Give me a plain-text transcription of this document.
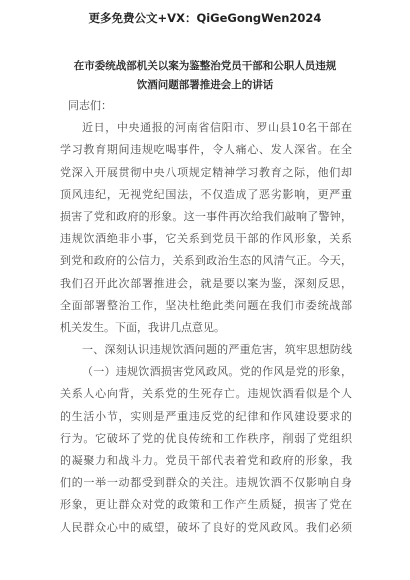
更多免费公文+VX：QiGeGongWen2024
在市委统战部机关以案为鉴整治党员干部和公职人员违规
饮酒问题部署推进会上的讲话
同志们：
近日，中央通报的河南省信阳市、罗山县10名干部在
学习教育期间违规吃喝事件，令人痛心、发人深省。在全
党深入开展贯彻中央八项规定精神学习教育之际，他们却
顶风违纪，无视党纪国法，不仅造成了恶劣影响，更严重
损害了党和政府的形象。这一事件再次给我们敲响了警钟，
违规饮酒绝非小事，它关系到党员干部的作风形象，关系
到党和政府的公信力，关系到政治生态的风清气正。今天，
我们召开此次部署推进会，就是要以案为鉴，深刻反思，
全面部署整治工作，坚决杜绝此类问题在我们市委统战部
机关发生。下面，我讲几点意见。
一、深刻认识违规饮酒问题的严重危害，筑牢思想防线
（一）违规饮酒损害党风政风。党的作风是党的形象，
关系人心向背，关系党的生死存亡。违规饮酒看似是个人
的生活小节，实则是严重违反党的纪律和作风建设要求的
行为。它破坏了党的优良传统和工作秩序，削弱了党组织
的凝聚力和战斗力。党员干部代表着党和政府的形象，我
们的一举一动都受到群众的关注。违规饮酒不仅影响自身
形象，更让群众对党的政策和工作产生质疑，损害了党在
人民群众心中的威望，破坏了良好的党风政风。我们必须
